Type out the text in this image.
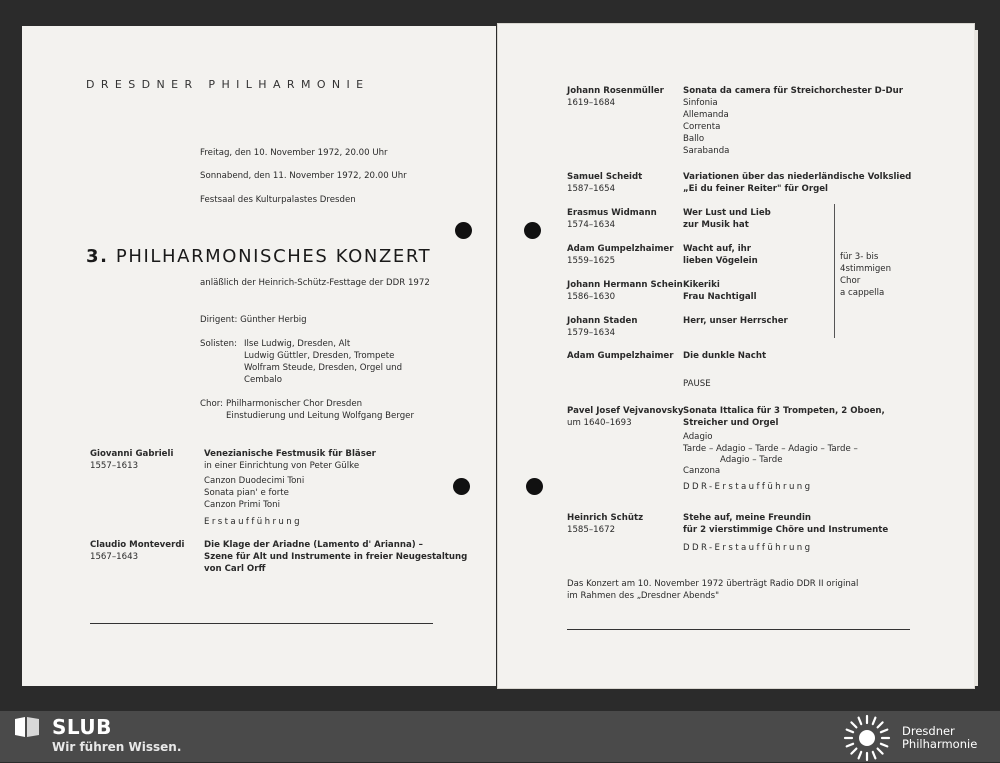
DRESDNER PHILHARMONIE
Freitag, den 10. November 1972, 20.00 Uhr
Sonnabend, den 11. November 1972, 20.00 Uhr
Festsaal des Kulturpalastes Dresden
3. PHILHARMONISCHES KONZERT
anläßlich der Heinrich-Schütz-Festtage der DDR 1972
Dirigent: Günther Herbig
Solisten: Ilse Ludwig, Dresden, Alt
Ludwig Güttler, Dresden, Trompete
Wolfram Steude, Dresden, Orgel und
Cembalo
Chor: Philharmonischer Chor Dresden
Einstudierung und Leitung Wolfgang Berger
Giovanni Gabrieli
1557–1613
Venezianische Festmusik für Bläser
in einer Einrichtung von Peter Gülke
Canzon Duodecimi Toni
Sonata pian' e forte
Canzon Primi Toni
Erstaufführung
Claudio Monteverdi
1567–1643
Die Klage der Ariadne (Lamento d' Arianna) –
Szene für Alt und Instrumente in freier Neugestaltung
von Carl Orff
Johann Rosenmüller
1619–1684
Sonata da camera für Streichorchester D-Dur
Sinfonia
Allemanda
Correnta
Ballo
Sarabanda
Samuel Scheidt
1587–1654
Variationen über das niederländische Volkslied
„Ei du feiner Reiter" für Orgel
Erasmus Widmann
1574–1634
Wer Lust und Lieb
zur Musik hat
Adam Gumpelzhaimer
1559–1625
Wacht auf, ihr
lieben Vögelein
Johann Hermann Schein
1586–1630
Kikeriki
Frau Nachtigall
Johann Staden
1579–1634
Herr, unser Herrscher
für 3- bis
4stimmigen
Chor
a cappella
Adam Gumpelzhaimer Die dunkle Nacht
PAUSE
Pavel Josef Vejvanovsky
um 1640–1693
Sonata Ittalica für 3 Trompeten, 2 Oboen,
Streicher und Orgel
Adagio
Tarde – Adagio – Tarde – Adagio – Tarde –
Adagio – Tarde
Canzona
DDR-Erstaufführung
Heinrich Schütz
1585–1672
Stehe auf, meine Freundin
für 2 vierstimmige Chöre und Instrumente
DDR-Erstaufführung
Das Konzert am 10. November 1972 überträgt Radio DDR II original
im Rahmen des „Dresdner Abends"
SLUB
Wir führen Wissen.
Dresdner
Philharmonie
